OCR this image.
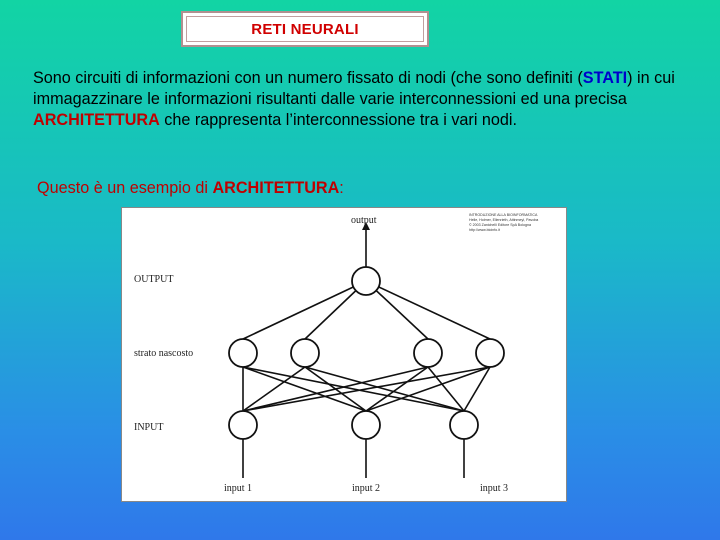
RETI NEURALI
Sono circuiti di informazioni con un numero fissato di nodi (che sono definiti (STATI) in cui immagazzinare le informazioni risultanti dalle varie interconnessioni ed una precisa ARCHITETTURA che rappresenta l’interconnessione tra i vari nodi.
Questo è un esempio di ARCHITETTURA:
output
OUTPUT
strato nascosto
INPUT
input 1	input 2	input 3
INTRODUZIONE ALLA BIOINFORMATICA
Helle, Holmer, Ellenrieth, Attinmeyl, Pavoba
© 2003 Zanichelli Editore SpA Bologna
http://www.bioinfo.it
